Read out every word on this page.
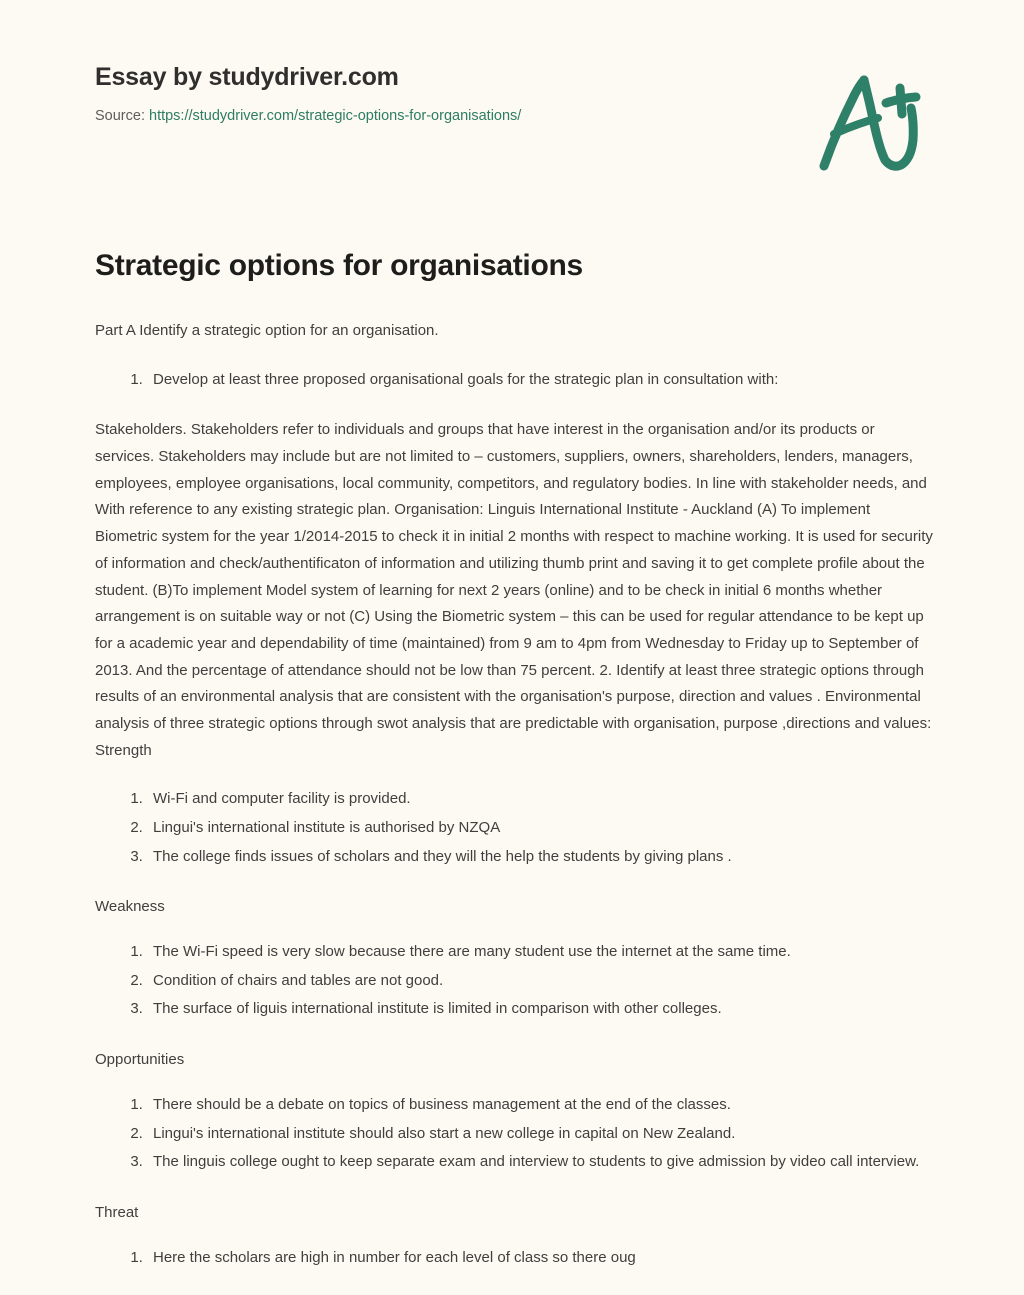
Essay by studydriver.com
Source: https://studydriver.com/strategic-options-for-organisations/
Strategic options for organisations

Part A Identify a strategic option for an organisation.

1. Develop at least three proposed organisational goals for the strategic plan in consultation with:

Stakeholders. Stakeholders refer to individuals and groups that have interest in the organisation and/or its products or services. Stakeholders may include but are not limited to – customers, suppliers, owners, shareholders, lenders, managers, employees, employee organisations, local community, competitors, and regulatory bodies. In line with stakeholder needs, and With reference to any existing strategic plan. Organisation: Linguis International Institute - Auckland (A) To implement Biometric system for the year 1/2014-2015 to check it in initial 2 months with respect to machine working. It is used for security of information and check/authentificaton of information and utilizing thumb print and saving it to get complete profile about the student. (B)To implement Model system of learning for next 2 years (online) and to be check in initial 6 months whether arrangement is on suitable way or not (C) Using the Biometric system – this can be used for regular attendance to be kept up for a academic year and dependability of time (maintained) from 9 am to 4pm from Wednesday to Friday up to September of 2013. And the percentage of attendance should not be low than 75 percent. 2. Identify at least three strategic options through results of an environmental analysis that are consistent with the organisation's purpose, direction and values . Environmental analysis of three strategic options through swot analysis that are predictable with organisation, purpose ,directions and values: Strength

1. Wi-Fi and computer facility is provided.
2. Lingui's international institute is authorised by NZQA
3. The college finds issues of scholars and they will the help the students by giving plans .

Weakness

1. The Wi-Fi speed is very slow because there are many student use the internet at the same time.
2. Condition of chairs and tables are not good.
3. The surface of liguis international institute is limited in comparison with other colleges.

Opportunities

1. There should be a debate on topics of business management at the end of the classes.
2. Lingui's international institute should also start a new college in capital on New Zealand.
3. The linguis college ought to keep separate exam and interview to students to give admission by video call interview.

Threat

1. Here the scholars are high in number for each level of class so there oug
